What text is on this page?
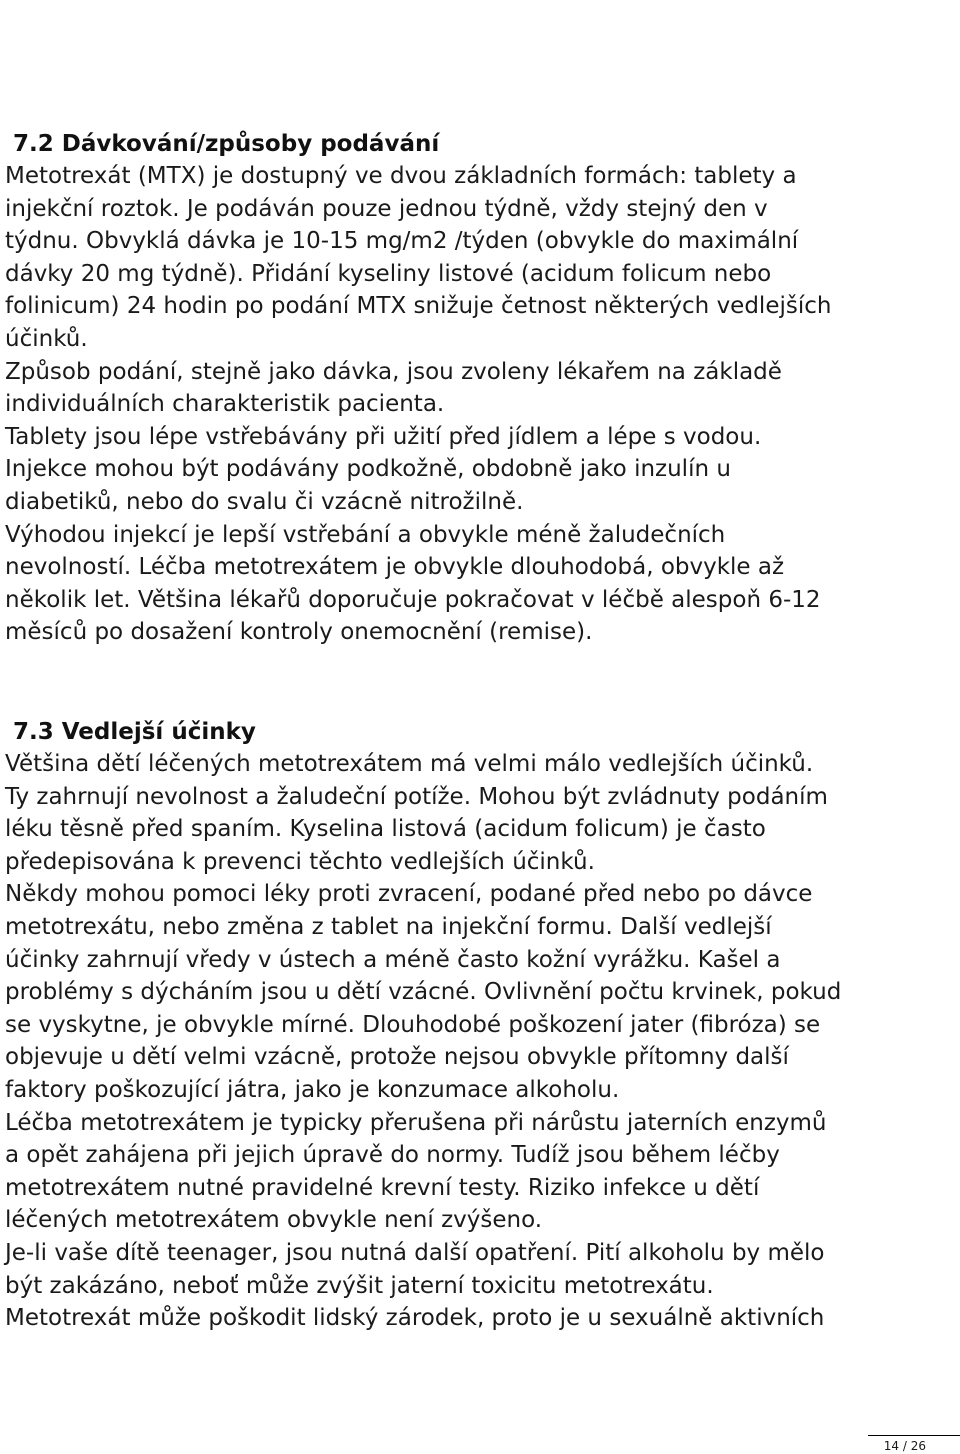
7.2 Dávkování/způsoby podávání

Metotrexát (MTX) je dostupný ve dvou základních formách: tablety a
injekční roztok. Je podáván pouze jednou týdně, vždy stejný den v
týdnu. Obvyklá dávka je 10-15 mg/m2 /týden (obvykle do maximální
dávky 20 mg týdně). Přidání kyseliny listové (acidum folicum nebo
folinicum) 24 hodin po podání MTX snižuje četnost některých vedlejších
účinků.

Způsob podání, stejně jako dávka, jsou zvoleny lékařem na základě
individuálních charakteristik pacienta.

Tablety jsou lépe vstřebávány při užití před jídlem a lépe s vodou.

Injekce mohou být podávány podkožně, obdobně jako inzulín u
diabetiků, nebo do svalu či vzácně nitrožilně.

Výhodou injekcí je lepší vstřebání a obvykle méně žaludečních
nevolností. Léčba metotrexátem je obvykle dlouhodobá, obvykle až
několik let. Většina lékařů doporučuje pokračovat v léčbě alespoň 6-12
měsíců po dosažení kontroly onemocnění (remise).

7.3 Vedlejší účinky

Většina dětí léčených metotrexátem má velmi málo vedlejších účinků.
Ty zahrnují nevolnost a žaludeční potíže. Mohou být zvládnuty podáním
léku těsně před spaním. Kyselina listová (acidum folicum) je často
předepisována k prevenci těchto vedlejších účinků.

Někdy mohou pomoci léky proti zvracení, podané před nebo po dávce
metotrexátu, nebo změna z tablet na injekční formu. Další vedlejší
účinky zahrnují vředy v ústech a méně často kožní vyrážku. Kašel a
problémy s dýcháním jsou u dětí vzácné. Ovlivnění počtu krvinek, pokud
se vyskytne, je obvykle mírné. Dlouhodobé poškození jater (fibróza) se
objevuje u dětí velmi vzácně, protože nejsou obvykle přítomny další
faktory poškozující játra, jako je konzumace alkoholu.

Léčba metotrexátem je typicky přerušena při nárůstu jaterních enzymů
a opět zahájena při jejich úpravě do normy. Tudíž jsou během léčby
metotrexátem nutné pravidelné krevní testy. Riziko infekce u dětí
léčených metotrexátem obvykle není zvýšeno.

Je-li vaše dítě teenager, jsou nutná další opatření. Pití alkoholu by mělo
být zakázáno, neboť může zvýšit jaterní toxicitu metotrexátu.

Metotrexát může poškodit lidský zárodek, proto je u sexuálně aktivních

14 / 26
